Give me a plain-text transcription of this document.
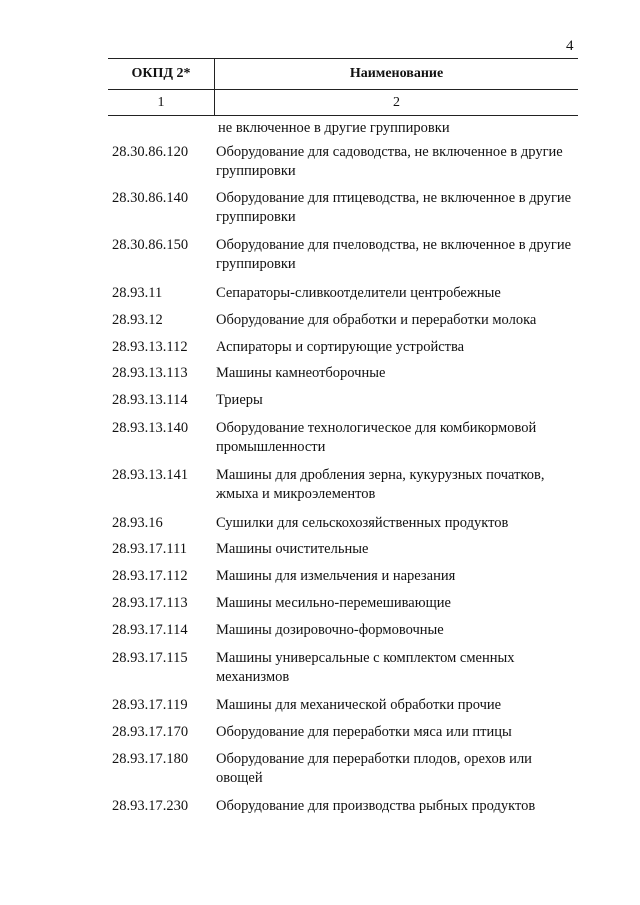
4
ОКПД 2*	Наименование
1	2
не включенное в другие группировки
28.30.86.120	Оборудование для садоводства, не включенное в другие группировки
28.30.86.140	Оборудование для птицеводства, не включенное в другие группировки
28.30.86.150	Оборудование для пчеловодства, не включенное в другие группировки
28.93.11	Сепараторы-сливкоотделители центробежные
28.93.12	Оборудование для обработки и переработки молока
28.93.13.112	Аспираторы и сортирующие устройства
28.93.13.113	Машины камнеотборочные
28.93.13.114	Триеры
28.93.13.140	Оборудование технологическое для комбикормовой промышленности
28.93.13.141	Машины для дробления зерна, кукурузных початков, жмыха и микроэлементов
28.93.16	Сушилки для сельскохозяйственных продуктов
28.93.17.111	Машины очистительные
28.93.17.112	Машины для измельчения и нарезания
28.93.17.113	Машины месильно-перемешивающие
28.93.17.114	Машины дозировочно-формовочные
28.93.17.115	Машины универсальные с комплектом сменных механизмов
28.93.17.119	Машины для механической обработки прочие
28.93.17.170	Оборудование для переработки мяса или птицы
28.93.17.180	Оборудование для переработки плодов, орехов или овощей
28.93.17.230	Оборудование для производства рыбных продуктов
